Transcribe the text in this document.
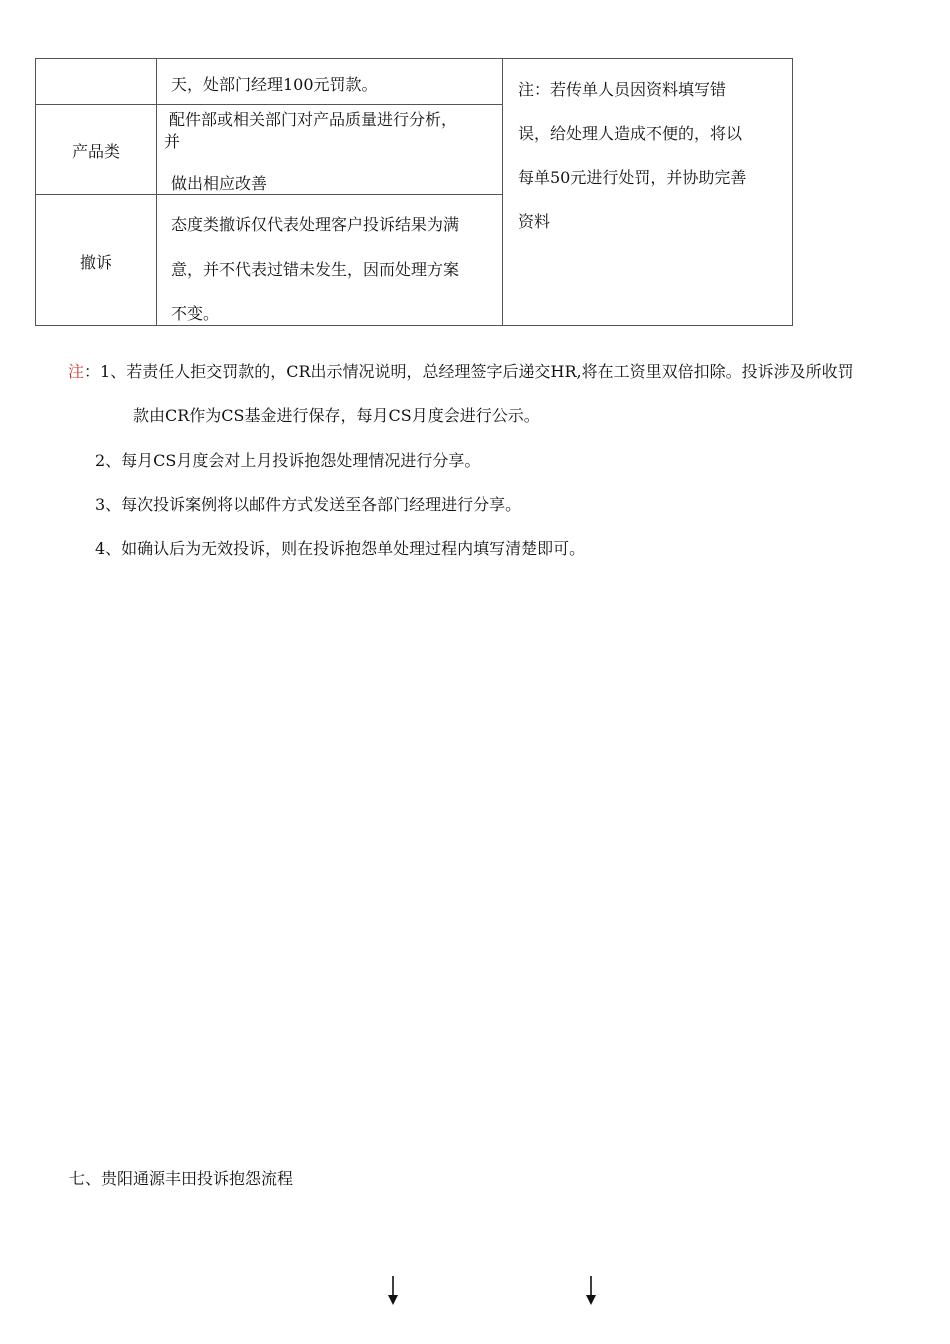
天，处部门经理100元罚款。
产品类
配件部或相关部门对产品质量进行分析，
并
做出相应改善
撤诉
态度类撤诉仅代表处理客户投诉结果为满
意，并不代表过错未发生，因而处理方案
不变。
注：若传单人员因资料填写错
误，给处理人造成不便的，将以
每单50元进行处罚，并协助完善
资料
注：1、若责任人拒交罚款的，CR出示情况说明，总经理签字后递交HR,将在工资里双倍扣除。投诉涉及所收罚
款由CR作为CS基金进行保存，每月CS月度会进行公示。
2、每月CS月度会对上月投诉抱怨处理情况进行分享。
3、每次投诉案例将以邮件方式发送至各部门经理进行分享。
4、如确认后为无效投诉，则在投诉抱怨单处理过程内填写清楚即可。
七、贵阳通源丰田投诉抱怨流程
